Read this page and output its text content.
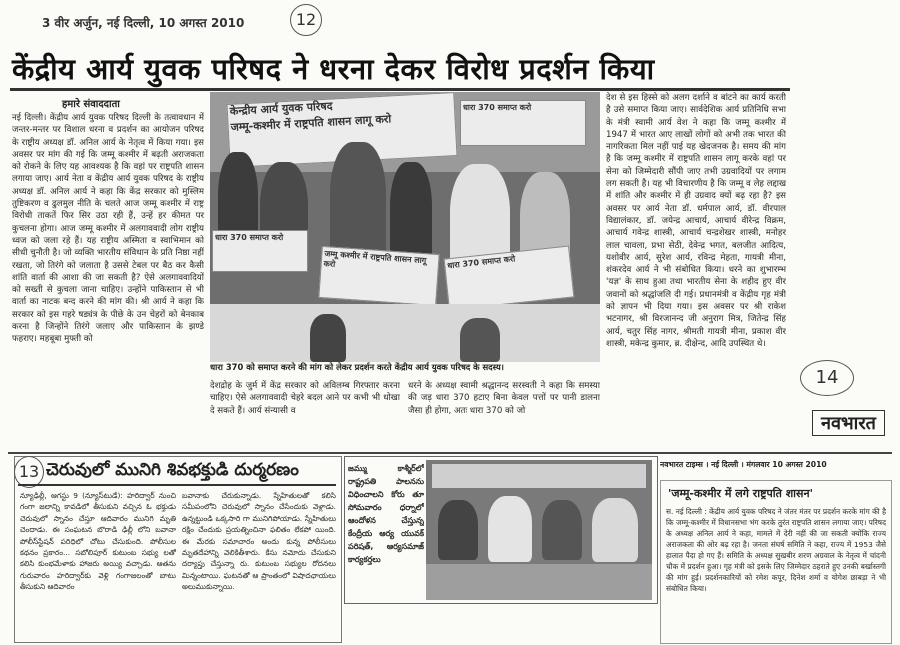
3 वीर अर्जुन, नई दिल्ली, 10 अगस्त 2010	12
केंद्रीय आर्य युवक परिषद ने धरना देकर विरोध प्रदर्शन किया
हमारे संवाददाता
नई दिल्ली। केंद्रीय आर्य युवक परिषद दिल्ली के तत्वावधान में जन्तर-मन्तर पर विशाल धरना व प्रदर्शन का आयोजन परिषद के राष्ट्रीय अध्यक्ष डॉ. अनिल आर्य के नेतृत्व में किया गया। इस अवसर पर मांग की गई कि जम्मू कश्मीर में बढ़ती अराजकता को रोकने के लिए यह आवश्यक है कि वहां पर राष्ट्रपति शासन लगाया जाए। आर्य नेता व केंद्रीय आर्य युवक परिषद के राष्ट्रीय अध्यक्ष डॉ. अनिल आर्य ने कहा कि केंद्र सरकार को मुस्लिम तुष्टिकरण व ढुलमुल नीति के चलते आज जम्मू कश्मीर में राष्ट्र विरोधी ताकतें फिर सिर उठा रही हैं, उन्हें हर कीमत पर कुचलना होगा। आज जम्मू कश्मीर में अलगाववादी लोग राष्ट्रीय ध्वज को जला रहे हैं। यह राष्ट्रीय अस्मिता व स्वाभिमान को सीधी चुनौती है। जो व्यक्ति भारतीय संविधान के प्रति निष्ठा नहीं रखता, जो तिरंगे को जलाता है उससे टेबल पर बैठ कर कैसी शांति वार्ता की आशा की जा सकती है? ऐसे अलगाववादियों को सख्ती से कुचला जाना चाहिए। उन्होंने पाकिस्तान से भी वार्ता का नाटक बन्द करने की मांग की। श्री आर्य ने कहा कि सरकार को इस गहरे षड्यंत्र के पीछे के उन चेहरों को बेनकाब करना है जिन्होंने तिरंगे जलाए और पाकिस्तान के झण्डे फहराए। महबूबा मुफ्ती को
केन्द्रीय आर्य युवक परिषद
जम्मू-कश्मीर में राष्ट्रपति शासन लागू करो
धारा 370 समाप्त करो
धारा 370 समाप्त करो
जम्मू कश्मीर में राष्ट्रपति शासन लागू करो	धारा 370 समाप्त करो
धारा 370 को समाप्त करने की मांग को लेकर प्रदर्शन करते केंद्रीय आर्य युवक परिषद के सदस्य।
देशद्रोह के जुर्म में केंद्र सरकार को अविलम्ब गिरफ्तार करना चाहिए। ऐसे अलगाववादी चेहरे बदल आने पर कभी भी धोखा दे सकते हैं। आर्य संन्यासी व
धरने के अध्यक्ष स्वामी श्रद्धानन्द सरस्वती ने कहा कि समस्या की जड़ धारा 370 हटाए बिना केवल पत्तों पर पानी डालना जैसा ही होगा, अतः धारा 370 को जो
देश से इस हिस्से को अलग दर्शाने व बांटने का कार्य करती है उसे समाप्त किया जाए। सार्वदेशिक आर्य प्रतिनिधि सभा के मंत्री स्वामी आर्य वेश ने कहा कि जम्मू कश्मीर में 1947 में भारत आए लाखों लोगों को अभी तक भारत की नागरिकता मिल नहीं पाई यह खेदजनक है। समय की मांग है कि जम्मू कश्मीर में राष्ट्रपति शासन लागू करके वहां पर सेना को जिम्मेदारी सौंपी जाए तभी उग्रवादियों पर लगाम लग सकती है। यह भी विचारणीय है कि जम्मू व लेह लद्दाख में शांति और कश्मीर में ही उग्रवाद क्यों बढ़ रहा है? इस अवसर पर आर्य नेता डॉ. धर्मपाल आर्य, डॉ. वीरपाल विद्यालंकार, डॉ. जयेन्द्र आचार्य, आचार्य वीरेन्द्र विक्रम, आचार्य गवेन्द्र शास्त्री, आचार्य चन्द्रशेखर शास्त्री, मनोहर लाल चावला, प्रभा सेठी, देवेन्द्र भगत, बलजीत आदित्य, यशोवीर आर्य, सुरेश आर्य, रविन्द्र मेहता, गायत्री मीना, शंकरदेव आर्य ने भी संबोधित किया। धरने का शुभारम्भ 'यज्ञ' के साथ हुआ तथा भारतीय सेना के शहीद हुए वीर जवानों को श्रद्धांजलि दी गई। प्रधानमंत्री व केंद्रीय गृह मंत्री को ज्ञापन भी दिया गया। इस अवसर पर श्री राकेश भटनागर, श्री विरजानन्द जी अनुराग मित्र, जितेन्द्र सिंह आर्य, चतुर सिंह नागर, श्रीमती गायत्री मीना, प्रकाश वीर शास्त्री, मकेन्द्र कुमार, ब्र. दीक्षेन्द, आदि उपस्थित थे।
14
नवभारत
13 చెరువులో మునిగి శివభక్తుడి దుర్మరణం
న్యూఢిల్లీ, ఆగస్టు 9 (న్యూస్‌టుడే): హరిద్వార్ నుంచి గంగా జలాన్ని కావడిలో తీసుకుని వచ్చిన ఓ భక్తుడు చెరువులో స్నానం చేస్తూ ఆదివారం మునిగి మృతి చెందాడు. ఈ సంఘటన బొరాడి ఢిల్లీ లోని బవానా పోలీస్‌స్టేషన్ పరిధిలో చోటు చేసుకుంది. పోలీసుల కథనం ప్రకారం... సబోలిపూర్ కుటుంబ సభ్యు లతో కలిసి కుంభమేళాకు హాజరు అయ్యి వచ్చాడు. ఆతను గురువారం హరిద్వార్‌కు వెళ్లి గంగాజలంతో బాటు తీసుకుని ఆదివారం
బవానాకు చేరుకున్నాడు. స్నేహితులతో కలిసి సమీపంలోని చెరువులో స్నానం చేసేందుకు వెళ్లాడు. ఉన్నట్టుండి ఒక్కసారి గా మునిగిపోయాడు. స్నేహితులు రక్షిం చేందుకు ప్రయత్నించినా ఫలితం లేకపో యింది. ఈ మేరకు సమాచారం అందు కున్న పోలీసులు మృతదేహాన్ని వెలికితీశారు. కేసు నమోదు చేసుకుని దర్యాప్తు చేస్తున్నా రు. కుటుంబ సభ్యుల రోదనలు మిన్నంటాయి. ఘటనతో ఆ ప్రాంతంలో విషాదఛాయలు అలుముకున్నాయి.
జమ్ము కాశ్మీర్‌లో రాష్ట్రపతి పాలనను విధించాలని కోరు తూ సోమవారం ధర్నాలో ఆందోళన చేస్తున్న కేంద్రీయ ఆర్య యువక్ పరిషత్, ఆర్యసమాజ్ కార్యకర్తలు
नवभारत टाइम्स । नई दिल्ली । मंगलवार 10 अगस्त 2010
'जम्मू-कश्मीर में लगे राष्ट्रपति शासन'
स. नई दिल्ली : केंद्रीय आर्य युवक परिषद ने जंतर मंतर पर प्रदर्शन करके मांग की है कि जम्मू-कश्मीर में विधानसभा भंग करके तुरंत राष्ट्रपति शासन लगाया जाए। परिषद के अध्यक्ष अनिल आर्य ने कहा, मामले में देरी नहीं की जा सकती क्योंकि राज्य अराजकता की ओर बढ़ रहा है। जनता संघर्ष समिति ने कहा, राज्य में 1953 जैसे हालात पैदा हो गए हैं। समिति के अध्यक्ष सुखबीर शरण अग्रवाल के नेतृत्व में चांदनी चौक में प्रदर्शन हुआ। गृह मंत्री को इसके लिए जिम्मेदार ठहराते हुए उनकी बर्खास्तगी की मांग हुई। प्रदर्शनकारियों को रमेश कपूर, दिनेश शर्मा व योगेश छाबड़ा ने भी संबोधित किया।
